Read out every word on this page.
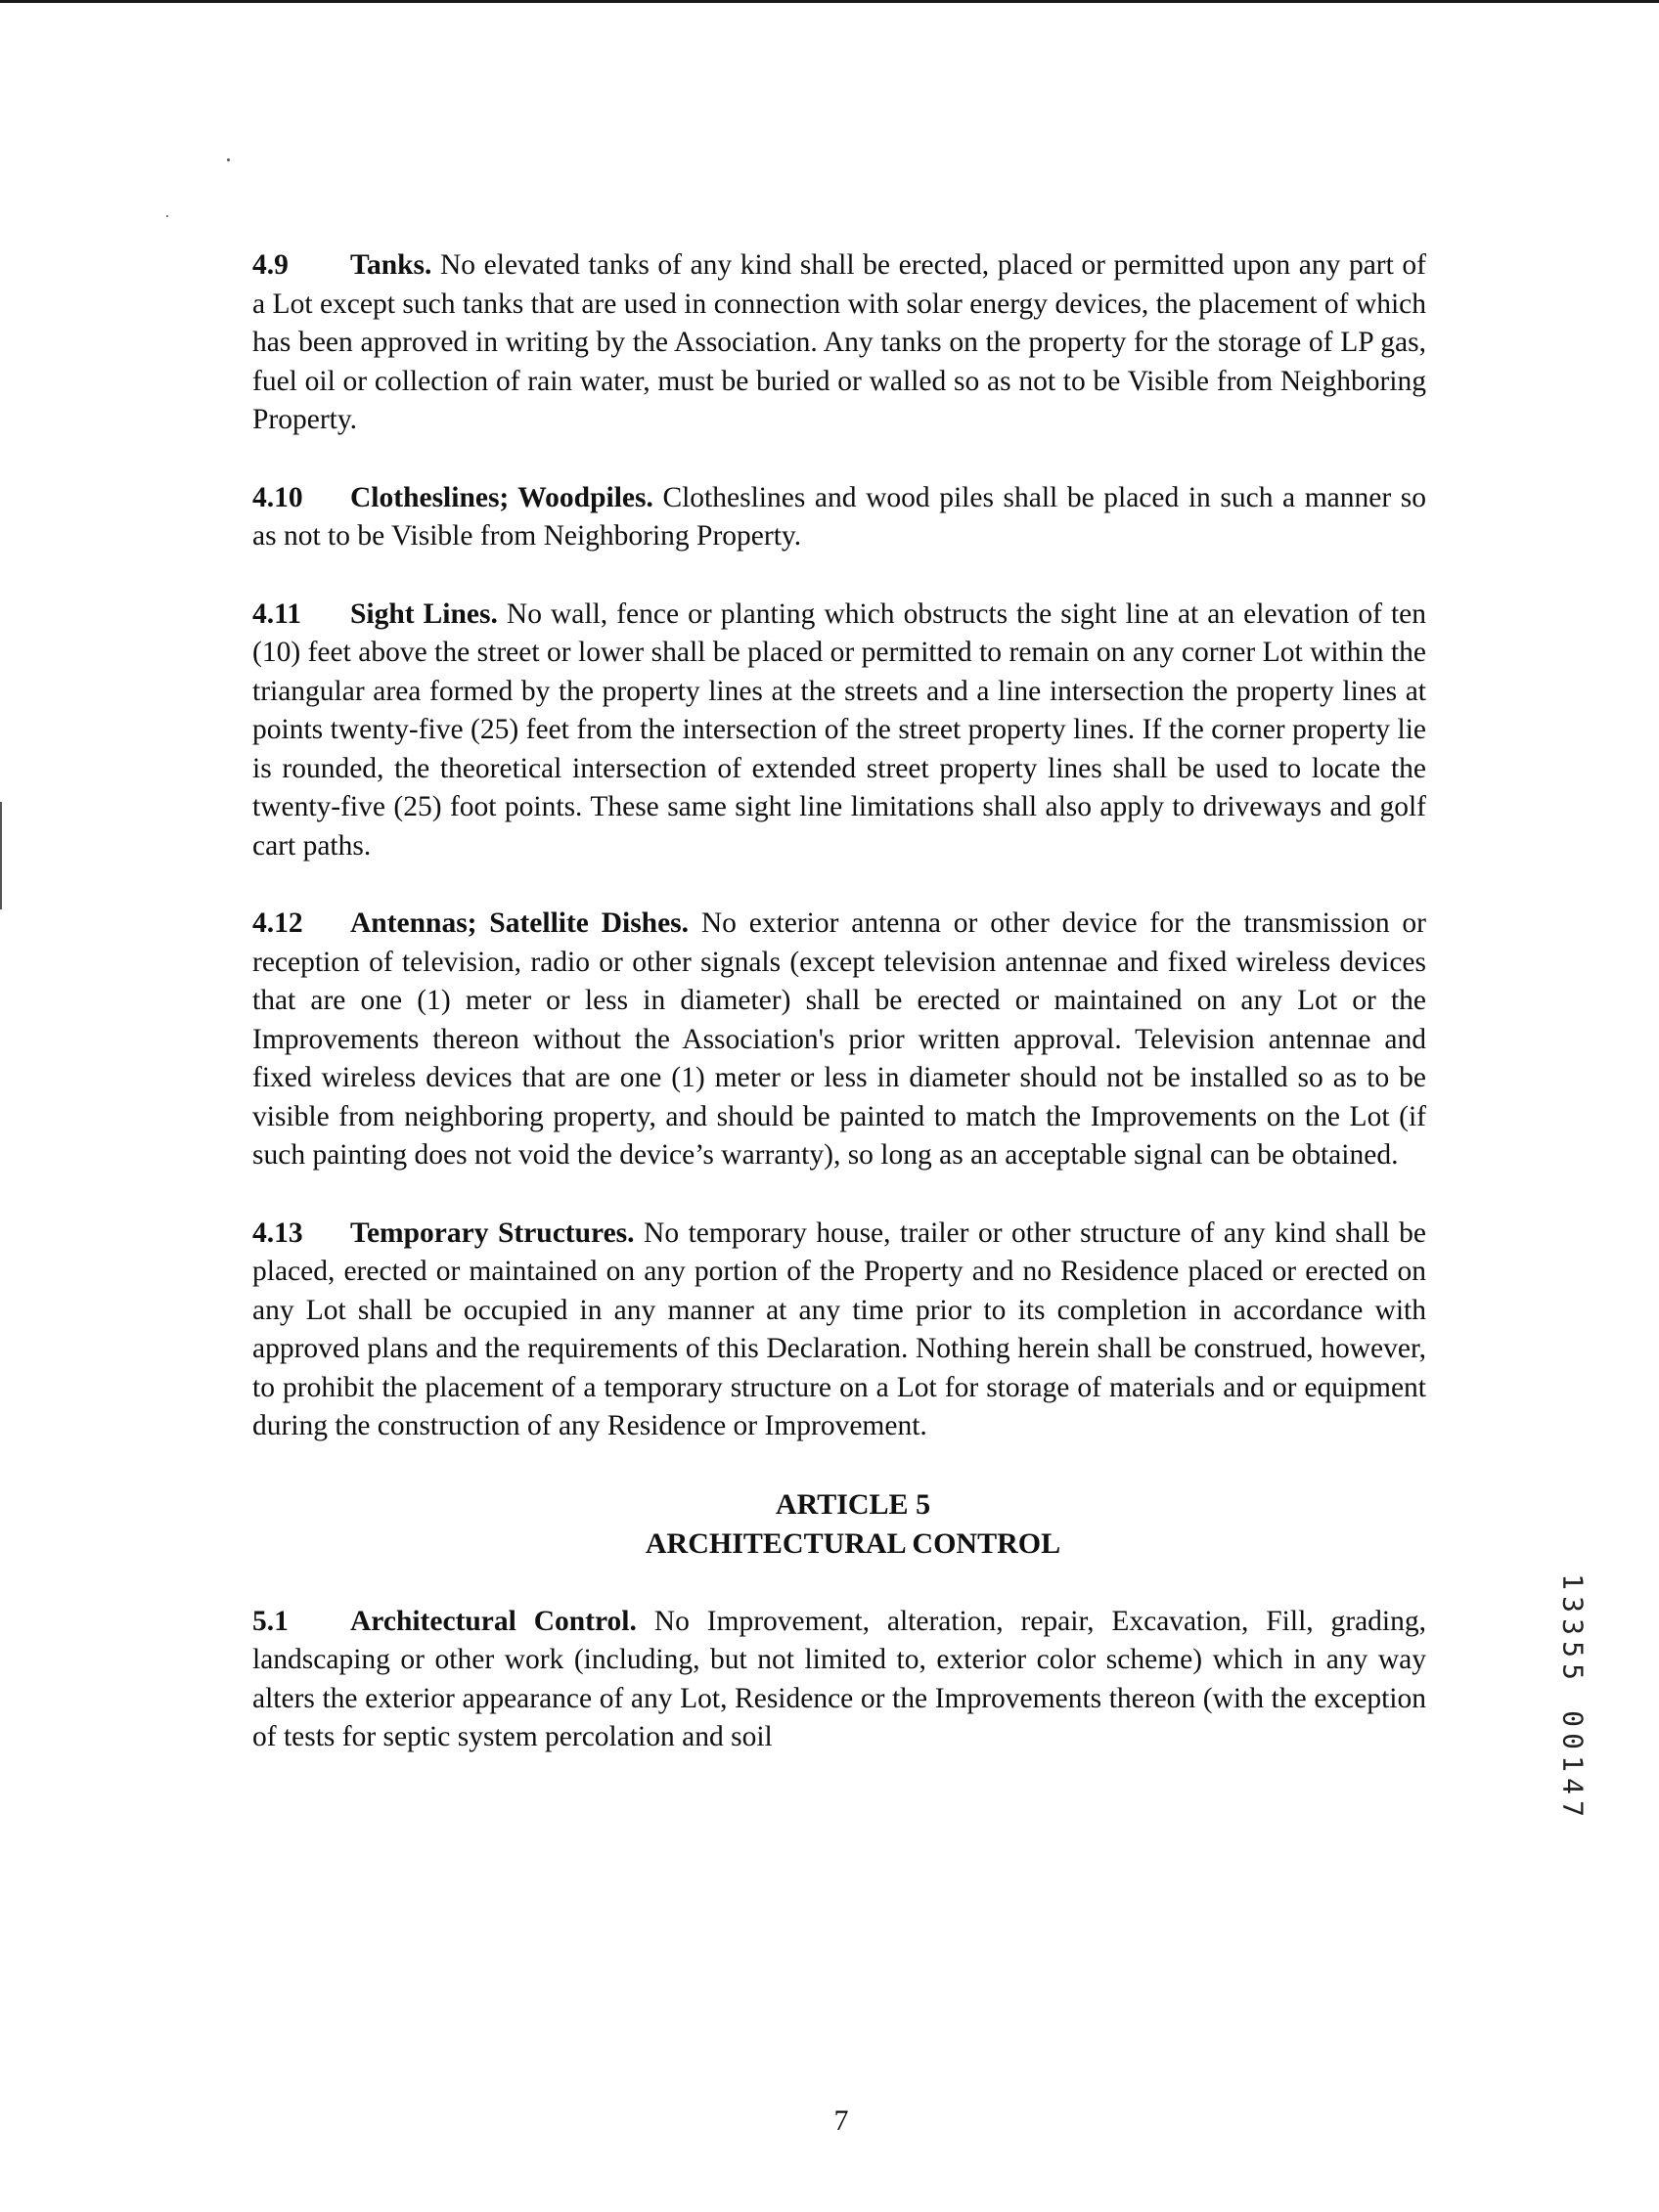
4.9 Tanks. No elevated tanks of any kind shall be erected, placed or permitted upon any part of a Lot except such tanks that are used in connection with solar energy devices, the placement of which has been approved in writing by the Association. Any tanks on the property for the storage of LP gas, fuel oil or collection of rain water, must be buried or walled so as not to be Visible from Neighboring Property.
4.10 Clotheslines; Woodpiles. Clotheslines and wood piles shall be placed in such a manner so as not to be Visible from Neighboring Property.
4.11 Sight Lines. No wall, fence or planting which obstructs the sight line at an elevation of ten (10) feet above the street or lower shall be placed or permitted to remain on any corner Lot within the triangular area formed by the property lines at the streets and a line intersection the property lines at points twenty-five (25) feet from the intersection of the street property lines. If the corner property lie is rounded, the theoretical intersection of extended street property lines shall be used to locate the twenty-five (25) foot points. These same sight line limitations shall also apply to driveways and golf cart paths.
4.12 Antennas; Satellite Dishes. No exterior antenna or other device for the transmission or reception of television, radio or other signals (except television antennae and fixed wireless devices that are one (1) meter or less in diameter) shall be erected or maintained on any Lot or the Improvements thereon without the Association's prior written approval. Television antennae and fixed wireless devices that are one (1) meter or less in diameter should not be installed so as to be visible from neighboring property, and should be painted to match the Improvements on the Lot (if such painting does not void the device’s warranty), so long as an acceptable signal can be obtained.
4.13 Temporary Structures. No temporary house, trailer or other structure of any kind shall be placed, erected or maintained on any portion of the Property and no Residence placed or erected on any Lot shall be occupied in any manner at any time prior to its completion in accordance with approved plans and the requirements of this Declaration. Nothing herein shall be construed, however, to prohibit the placement of a temporary structure on a Lot for storage of materials and or equipment during the construction of any Residence or Improvement.
ARTICLE 5
ARCHITECTURAL CONTROL
5.1 Architectural Control. No Improvement, alteration, repair, Excavation, Fill, grading, landscaping or other work (including, but not limited to, exterior color scheme) which in any way alters the exterior appearance of any Lot, Residence or the Improvements thereon (with the exception of tests for septic system percolation and soil
1
3
3
5
5
0
0
1
4
7
7
